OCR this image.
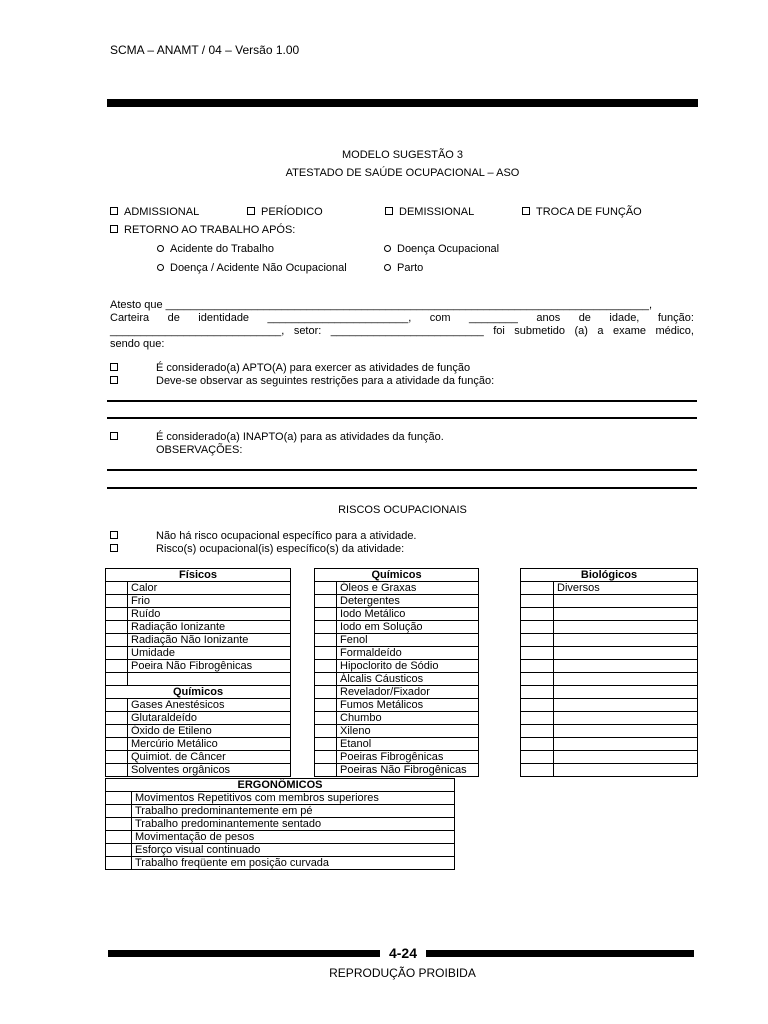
SCMA – ANAMT / 04 – Versão 1.00
MODELO SUGESTÃO 3
ATESTADO DE SAÚDE OCUPACIONAL – ASO
ADMISSIONAL	PERÍODICO	DEMISSIONAL	TROCA DE FUNÇÃO
RETORNO AO TRABALHO APÓS:
Acidente do Trabalho	Doença Ocupacional
Doença / Acidente Não Ocupacional	Parto
Atesto que _______________________________________________________________________________,
Carteira de identidade _______________________, com ________ anos de idade, função:
____________________________, setor: _________________________ foi submetido (a) a exame médico,
sendo que:
É considerado(a) APTO(A) para exercer as atividades de função
Deve-se observar as seguintes restrições para a atividade da função:
É considerado(a) INAPTO(a) para as atividades da função.
OBSERVAÇÕES:
RISCOS OCUPACIONAIS
Não há risco ocupacional específico para a atividade.
Risco(s) ocupacional(is) específico(s) da atividade:
Físicos	
	Calor
	Frio
	Ruído
	Radiação Ionizante
	Radiação Não Ionizante
	Umidade
	Poeira Não Fibrogênicas

Químicos	
	Gases Anestésicos
	Glutaraldeído
	Óxido de Etileno
	Mercúrio Metálico
	Quimiot. de Câncer
	Solventes orgânicos
Químicos	
	Óleos e Graxas
	Detergentes
	Iodo Metálico
	Iodo em Solução
	Fenol
	Formaldeído
	Hipoclorito de Sódio
	Álcalis Cáusticos
	Revelador/Fixador
	Fumos Metálicos
	Chumbo
	Xileno
	Etanol
	Poeiras Fibrogênicas
	Poeiras Não Fibrogênicas
Biológicos	
	Diversos

ERGONÔMICOS	
	Movimentos Repetitivos com membros superiores
	Trabalho predominantemente em pé
	Trabalho predominantemente sentado
	Movimentação de pesos
	Esforço visual continuado
	Trabalho freqüente em posição curvada
4-24
REPRODUÇÃO PROIBIDA
